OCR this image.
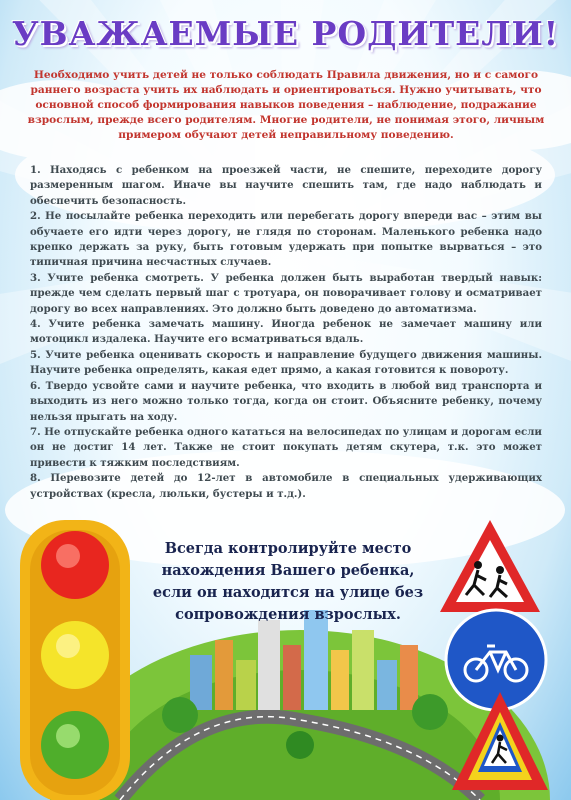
УВАЖАЕМЫЕ РОДИТЕЛИ!

Необходимо учить детей не только соблюдать Правила движения, но и с самого раннего возраста учить их наблюдать и ориентироваться. Нужно учитывать, что основной способ формирования навыков поведения – наблюдение, подражание взрослым, прежде всего родителям. Многие родители, не понимая этого, личным примером обучают детей неправильному поведению.

1. Находясь с ребенком на проезжей части, не спешите, переходите дорогу размеренным шагом. Иначе вы научите спешить там, где надо наблюдать и обеспечить безопасность.
2. Не посылайте ребенка переходить или перебегать дорогу впереди вас – этим вы обучаете его идти через дорогу, не глядя по сторонам. Маленького ребенка надо крепко держать за руку, быть готовым удержать при попытке вырваться – это типичная причина несчастных случаев.
3. Учите ребенка смотреть. У ребенка должен быть выработан твердый навык: прежде чем сделать первый шаг с тротуара, он поворачивает голову и осматривает дорогу во всех направлениях. Это должно быть доведено до автоматизма.
4. Учите ребенка замечать машину. Иногда ребенок не замечает машину или мотоцикл издалека. Научите его всматриваться вдаль.
5. Учите ребенка оценивать скорость и направление будущего движения машины. Научите ребенка определять, какая едет прямо, а какая готовится к повороту.
6. Твердо усвойте сами и научите ребенка, что входить в любой вид транспорта и выходить из него можно только тогда, когда он стоит. Объясните ребенку, почему нельзя прыгать на ходу.
7. Не отпускайте ребенка одного кататься на велосипедах по улицам и дорогам если он не достиг 14 лет. Также не стоит покупать детям скутера, т.к. это может привести к тяжким последствиям.
8. Перевозите детей до 12-лет в автомобиле в специальных удерживающих устройствах (кресла, люльки, бустеры и т.д.).

Всегда контролируйте место нахождения Вашего ребенка, если он находится на улице без сопровождения взрослых.
